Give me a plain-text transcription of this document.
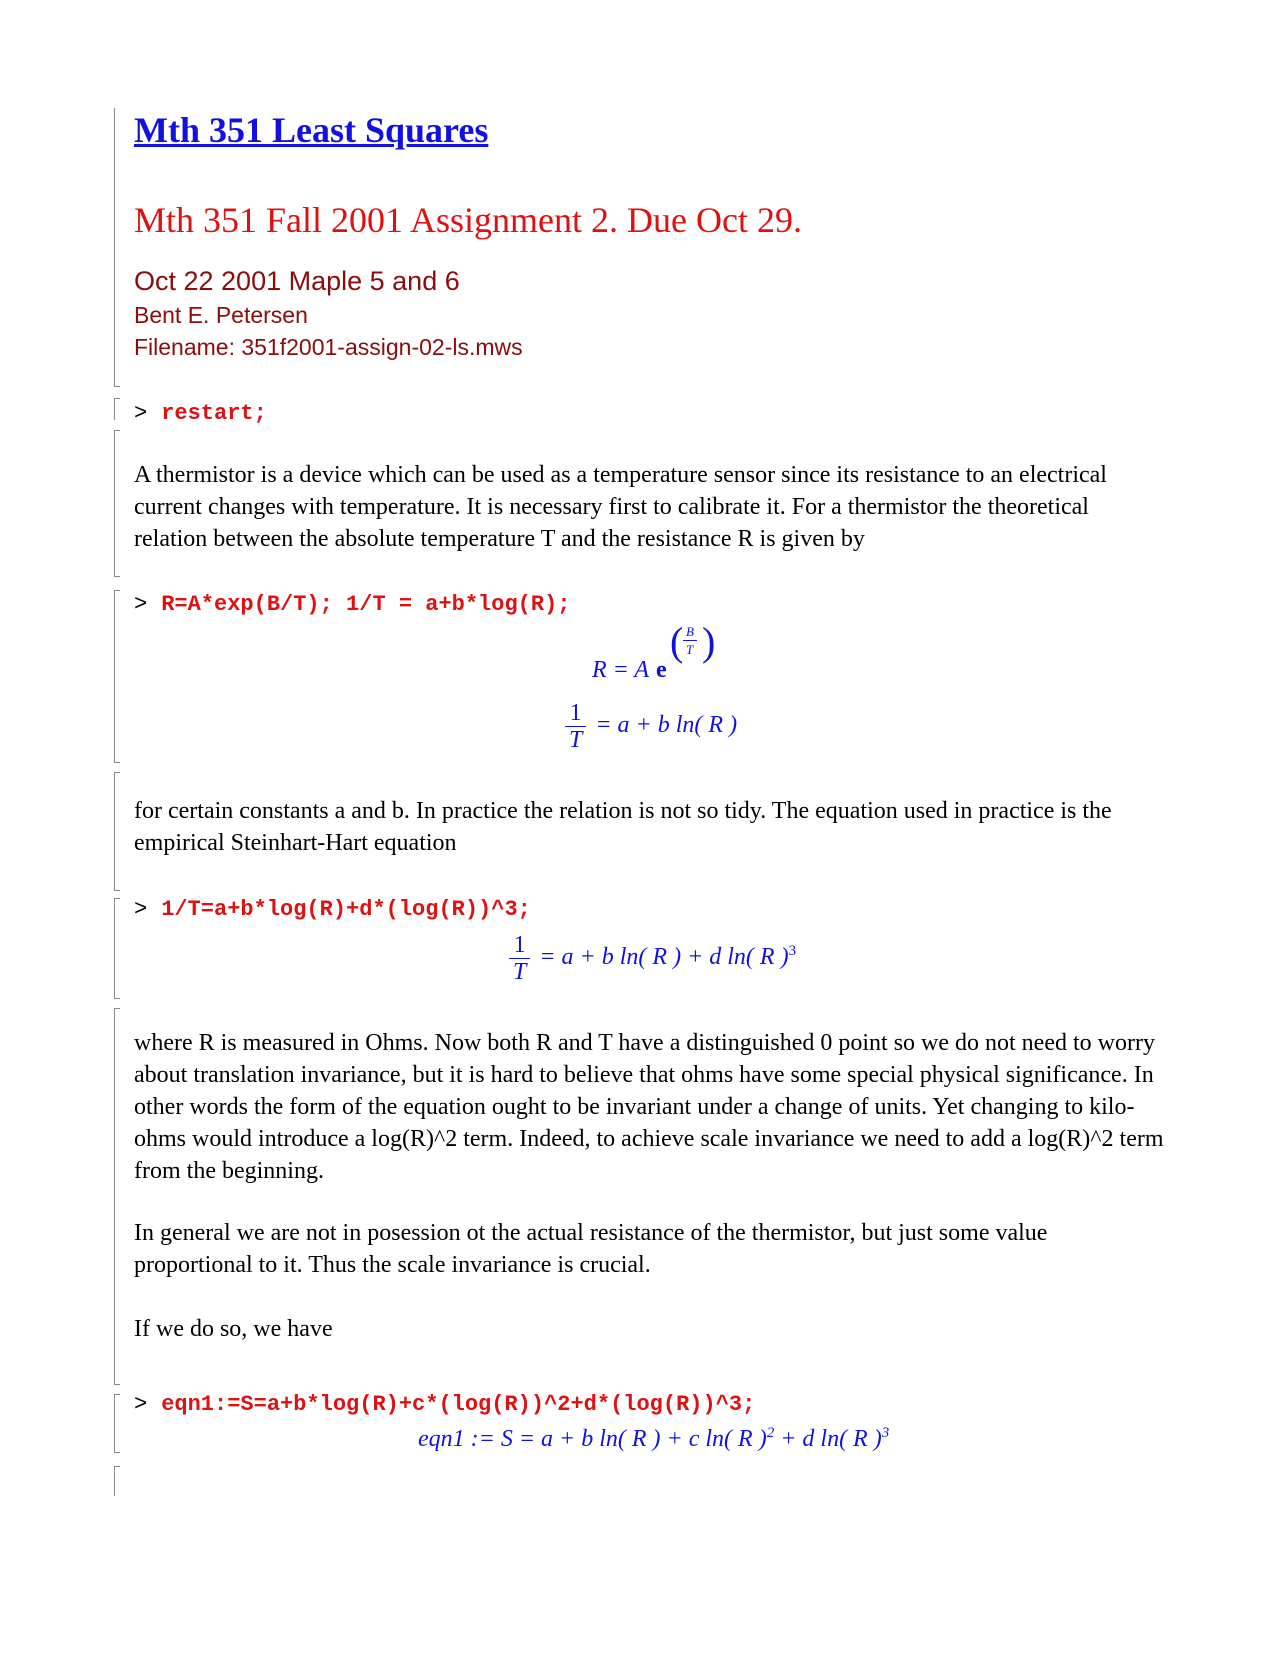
Mth 351 Least Squares
Mth 351 Fall 2001 Assignment 2. Due Oct 29.
Oct 22 2001 Maple 5 and 6
Bent E. Petersen
Filename: 351f2001-assign-02-ls.mws
> restart;
A thermistor is a device which can be used as a temperature sensor since its resistance to an electrical current changes with temperature. It is necessary first to calibrate it. For a thermistor the theoretical relation between the absolute temperature T and the resistance R is given by
> R=A*exp(B/T); 1/T = a+b*log(R);
R = A e
( )
B
T
$\frac{1}{T} = a + b$ ln( R )
for certain constants a and b. In practice the relation is not so tidy. The equation used in practice is the empirical Steinhart-Hart equation
> 1/T=a+b*log(R)+d*(log(R))^3;
$\frac{1}{T} = a + b$ ln( R ) + d ln( R )$^3$
where R is measured in Ohms. Now both R and T have a distinguished 0 point so we do not need to worry about translation invariance, but it is hard to believe that ohms have some special physical significance. In other words the form of the equation ought to be invariant under a change of units. Yet changing to kilo-ohms would introduce a log(R)^2 term. Indeed, to achieve scale invariance we need to add a log(R)^2 term from the beginning.
In general we are not in posession ot the actual resistance of the thermistor, but just some value proportional to it. Thus the scale invariance is crucial.
If we do so, we have
> eqn1:=S=a+b*log(R)+c*(log(R))^2+d*(log(R))^3;
eqn1 := S = a + b ln( R ) + c ln( R )$^2$ + d ln( R )$^3$
